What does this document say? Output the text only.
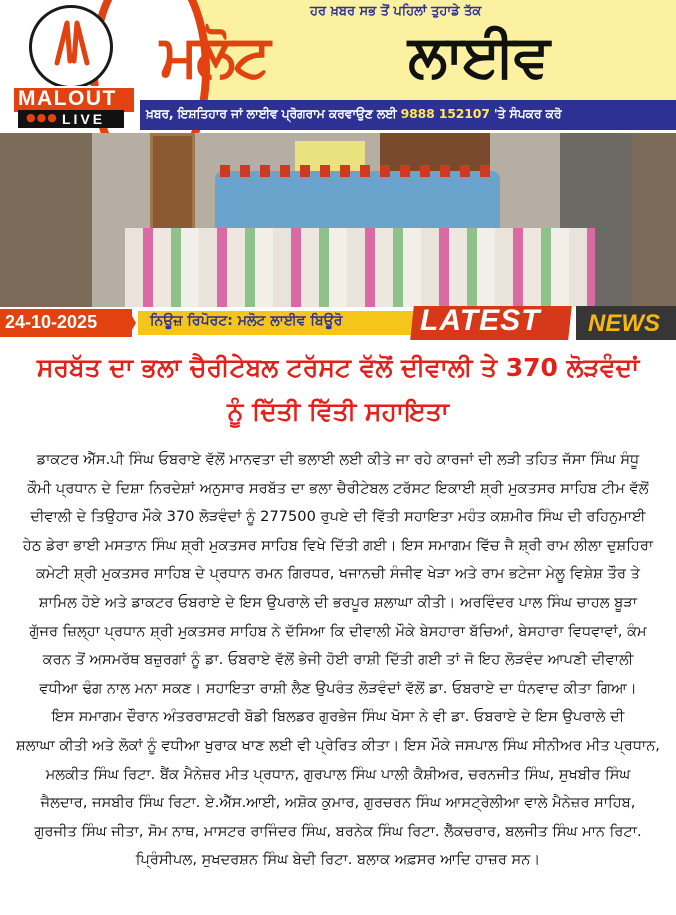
ਖ਼ਬਰ, ਇਸ਼ਤਿਹਾਰ ਜਾਂ ਲਾਈਵ ਪ੍ਰੋਗਰਾਮ ਕਰਵਾਉਣ ਲਈ 9888 152107 'ਤੇ ਸੰਪਕਰ ਕਰੋ
MALOUT
●●● LIVE
ਹਰ ਖ਼ਬਰ ਸਭ ਤੋਂ ਪਹਿਲਾਂ ਤੁਹਾਡੇ ਤੱਕ
ਮਲੋਟ ਲਾਈਵ
24-10-2025	ਨਿਊਜ਼ ਰਿਪੋਰਟ: ਮਲੋਟ ਲਾਈਵ ਬਿਊਰੋ	LATEST NEWS
ਸਰਬੱਤ ਦਾ ਭਲਾ ਚੈਰੀਟੇਬਲ ਟਰੱਸਟ ਵੱਲੋਂ ਦੀਵਾਲੀ ਤੇ 370 ਲੋੜਵੰਦਾਂ
ਨੂੰ ਦਿੱਤੀ ਵਿੱਤੀ ਸਹਾਇਤਾ
ਡਾਕਟਰ ਐੱਸ.ਪੀ ਸਿੰਘ ਓਬਰਾਏ ਵੱਲੋਂ ਮਾਨਵਤਾ ਦੀ ਭਲਾਈ ਲਈ ਕੀਤੇ ਜਾ ਰਹੇ ਕਾਰਜਾਂ ਦੀ ਲੜੀ ਤਹਿਤ ਜੱਸਾ ਸਿੰਘ ਸੰਧੂ
ਕੌਮੀ ਪ੍ਰਧਾਨ ਦੇ ਦਿਸ਼ਾ ਨਿਰਦੇਸ਼ਾਂ ਅਨੁਸਾਰ ਸਰਬੱਤ ਦਾ ਭਲਾ ਚੈਰੀਟੇਬਲ ਟਰੱਸਟ ਇਕਾਈ ਸ਼੍ਰੀ ਮੁਕਤਸਰ ਸਾਹਿਬ ਟੀਮ ਵੱਲੋਂ
ਦੀਵਾਲੀ ਦੇ ਤਿਉਹਾਰ ਮੌਕੇ 370 ਲੋੜਵੰਦਾਂ ਨੂੰ 277500 ਰੁਪਏ ਦੀ ਵਿੱਤੀ ਸਹਾਇਤਾ ਮਹੰਤ ਕਸ਼ਮੀਰ ਸਿੰਘ ਦੀ ਰਹਿਨੁਮਾਈ
ਹੇਠ ਡੇਰਾ ਭਾਈ ਮਸਤਾਨ ਸਿੰਘ ਸ਼੍ਰੀ ਮੁਕਤਸਰ ਸਾਹਿਬ ਵਿਖੇ ਦਿੱਤੀ ਗਈ। ਇਸ ਸਮਾਗਮ ਵਿੱਚ ਜੈ ਸ਼੍ਰੀ ਰਾਮ ਲੀਲਾ ਦੁਸ਼ਹਿਰਾ
ਕਮੇਟੀ ਸ਼੍ਰੀ ਮੁਕਤਸਰ ਸਾਹਿਬ ਦੇ ਪ੍ਰਧਾਨ ਰਮਨ ਗਿਰਧਰ, ਖਜਾਨਚੀ ਸੰਜੀਵ ਖੇੜਾ ਅਤੇ ਰਾਮ ਭਟੇਜਾ ਮੇਲੂ ਵਿਸ਼ੇਸ਼ ਤੌਰ ਤੇ
ਸ਼ਾਮਿਲ ਹੋਏ ਅਤੇ ਡਾਕਟਰ ਓਬਰਾਏ ਦੇ ਇਸ ਉਪਰਾਲੇ ਦੀ ਭਰਪੂਰ ਸ਼ਲਾਘਾ ਕੀਤੀ। ਅਰਵਿੰਦਰ ਪਾਲ ਸਿੰਘ ਚਾਹਲ ਬੂੜਾ
ਗੁੱਜਰ ਜ਼ਿਲ੍ਹਾ ਪ੍ਰਧਾਨ ਸ਼੍ਰੀ ਮੁਕਤਸਰ ਸਾਹਿਬ ਨੇ ਦੱਸਿਆ ਕਿ ਦੀਵਾਲੀ ਮੌਕੇ ਬੇਸਹਾਰਾ ਬੱਚਿਆਂ, ਬੇਸਹਾਰਾ ਵਿਧਵਾਵਾਂ, ਕੰਮ
ਕਰਨ ਤੋਂ ਅਸਮਰੱਥ ਬਜ਼ੁਰਗਾਂ ਨੂੰ ਡਾ. ਓਬਰਾਏ ਵੱਲੋਂ ਭੇਜੀ ਹੋਈ ਰਾਸ਼ੀ ਦਿੱਤੀ ਗਈ ਤਾਂ ਜੋ ਇਹ ਲੋੜਵੰਦ ਆਪਣੀ ਦੀਵਾਲੀ
ਵਧੀਆ ਢੰਗ ਨਾਲ ਮਨਾ ਸਕਣ। ਸਹਾਇਤਾ ਰਾਸ਼ੀ ਲੈਣ ਉਪਰੰਤ ਲੋੜਵੰਦਾਂ ਵੱਲੋਂ ਡਾ. ਓਬਰਾਏ ਦਾ ਧੰਨਵਾਦ ਕੀਤਾ ਗਿਆ।
ਇਸ ਸਮਾਗਮ ਦੌਰਾਨ ਅੰਤਰਰਾਸ਼ਟਰੀ ਬੋਡੀ ਬਿਲਡਰ ਗੁਰਭੇਜ ਸਿੰਘ ਖੋਸਾ ਨੇ ਵੀ ਡਾ. ਓਬਰਾਏ ਦੇ ਇਸ ਉਪਰਾਲੇ ਦੀ
ਸ਼ਲਾਘਾ ਕੀਤੀ ਅਤੇ ਲੋਕਾਂ ਨੂੰ ਵਧੀਆ ਖੁਰਾਕ ਖਾਣ ਲਈ ਵੀ ਪ੍ਰੇਰਿਤ ਕੀਤਾ। ਇਸ ਮੌਕੇ ਜਸਪਾਲ ਸਿੰਘ ਸੀਨੀਅਰ ਮੀਤ ਪ੍ਰਧਾਨ,
ਮਲਕੀਤ ਸਿੰਘ ਰਿਟਾ. ਬੈਂਕ ਮੈਨੇਜ਼ਰ ਮੀਤ ਪ੍ਰਧਾਨ, ਗੁਰਪਾਲ ਸਿੰਘ ਪਾਲੀ ਕੈਸ਼ੀਅਰ, ਚਰਨਜੀਤ ਸਿੰਘ, ਸੁਖਬੀਰ ਸਿੰਘ
ਜੈਲਦਾਰ, ਜਸਬੀਰ ਸਿੰਘ ਰਿਟਾ. ਏ.ਐੱਸ.ਆਈ, ਅਸ਼ੋਕ ਕੁਮਾਰ, ਗੁਰਚਰਨ ਸਿੰਘ ਆਸਟ੍ਰੇਲੀਆ ਵਾਲੇ ਮੈਨੇਜ਼ਰ ਸਾਹਿਬ,
ਗੁਰਜੀਤ ਸਿੰਘ ਜੀਤਾ, ਸੋਮ ਨਾਥ, ਮਾਸਟਰ ਰਾਜਿੰਦਰ ਸਿੰਘ, ਬਰਨੇਕ ਸਿੰਘ ਰਿਟਾ. ਲੈੱਕਚਰਾਰ, ਬਲਜੀਤ ਸਿੰਘ ਮਾਨ ਰਿਟਾ.
ਪ੍ਰਿੰਸੀਪਲ, ਸੁਖਦਰਸ਼ਨ ਸਿੰਘ ਬੇਦੀ ਰਿਟਾ. ਬਲਾਕ ਅਫ਼ਸਰ ਆਦਿ ਹਾਜ਼ਰ ਸਨ।
